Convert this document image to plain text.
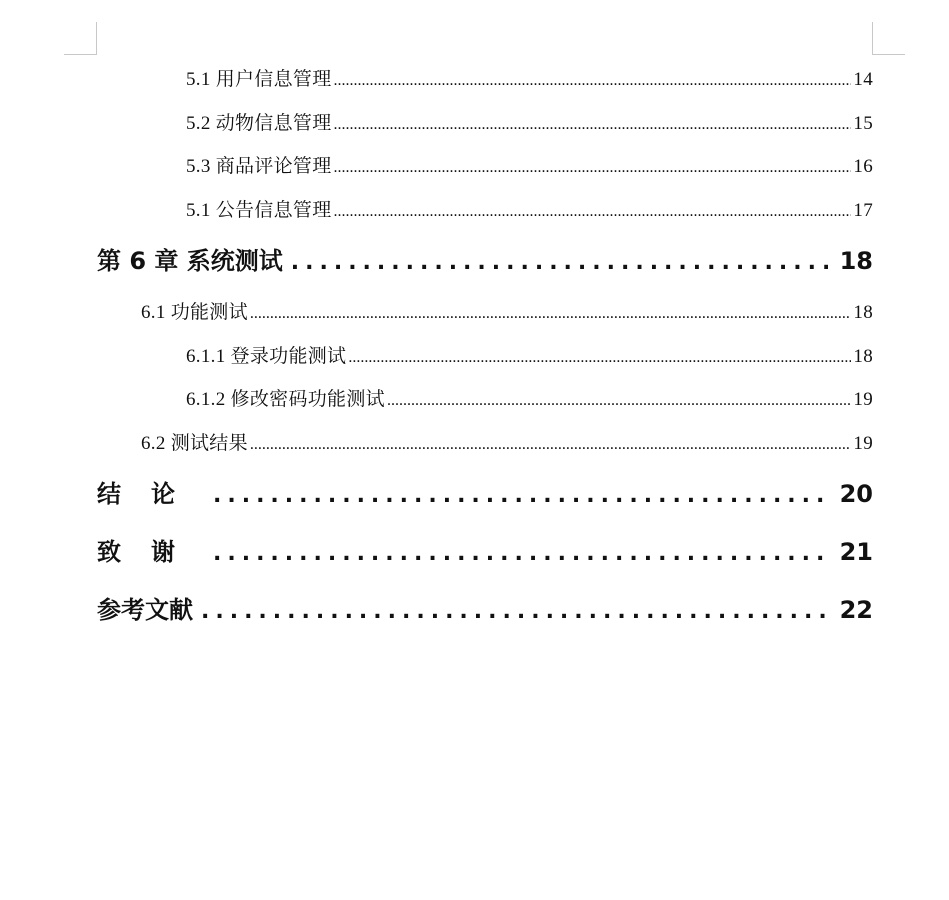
5.1 用户信息管理 .....	14
5.2 动物信息管理 .....	15
5.3 商品评论管理 .....	16
5.1 公告信息管理 .....	17
第 6 章 系统测试 .....	18
6.1 功能测试 .....	18
6.1.1 登录功能测试 .....	18
6.1.2 修改密码功能测试 .....	19
6.2 测试结果 .....	19
结论 .....	20
致谢 .....	21
参考文献 .....	22
